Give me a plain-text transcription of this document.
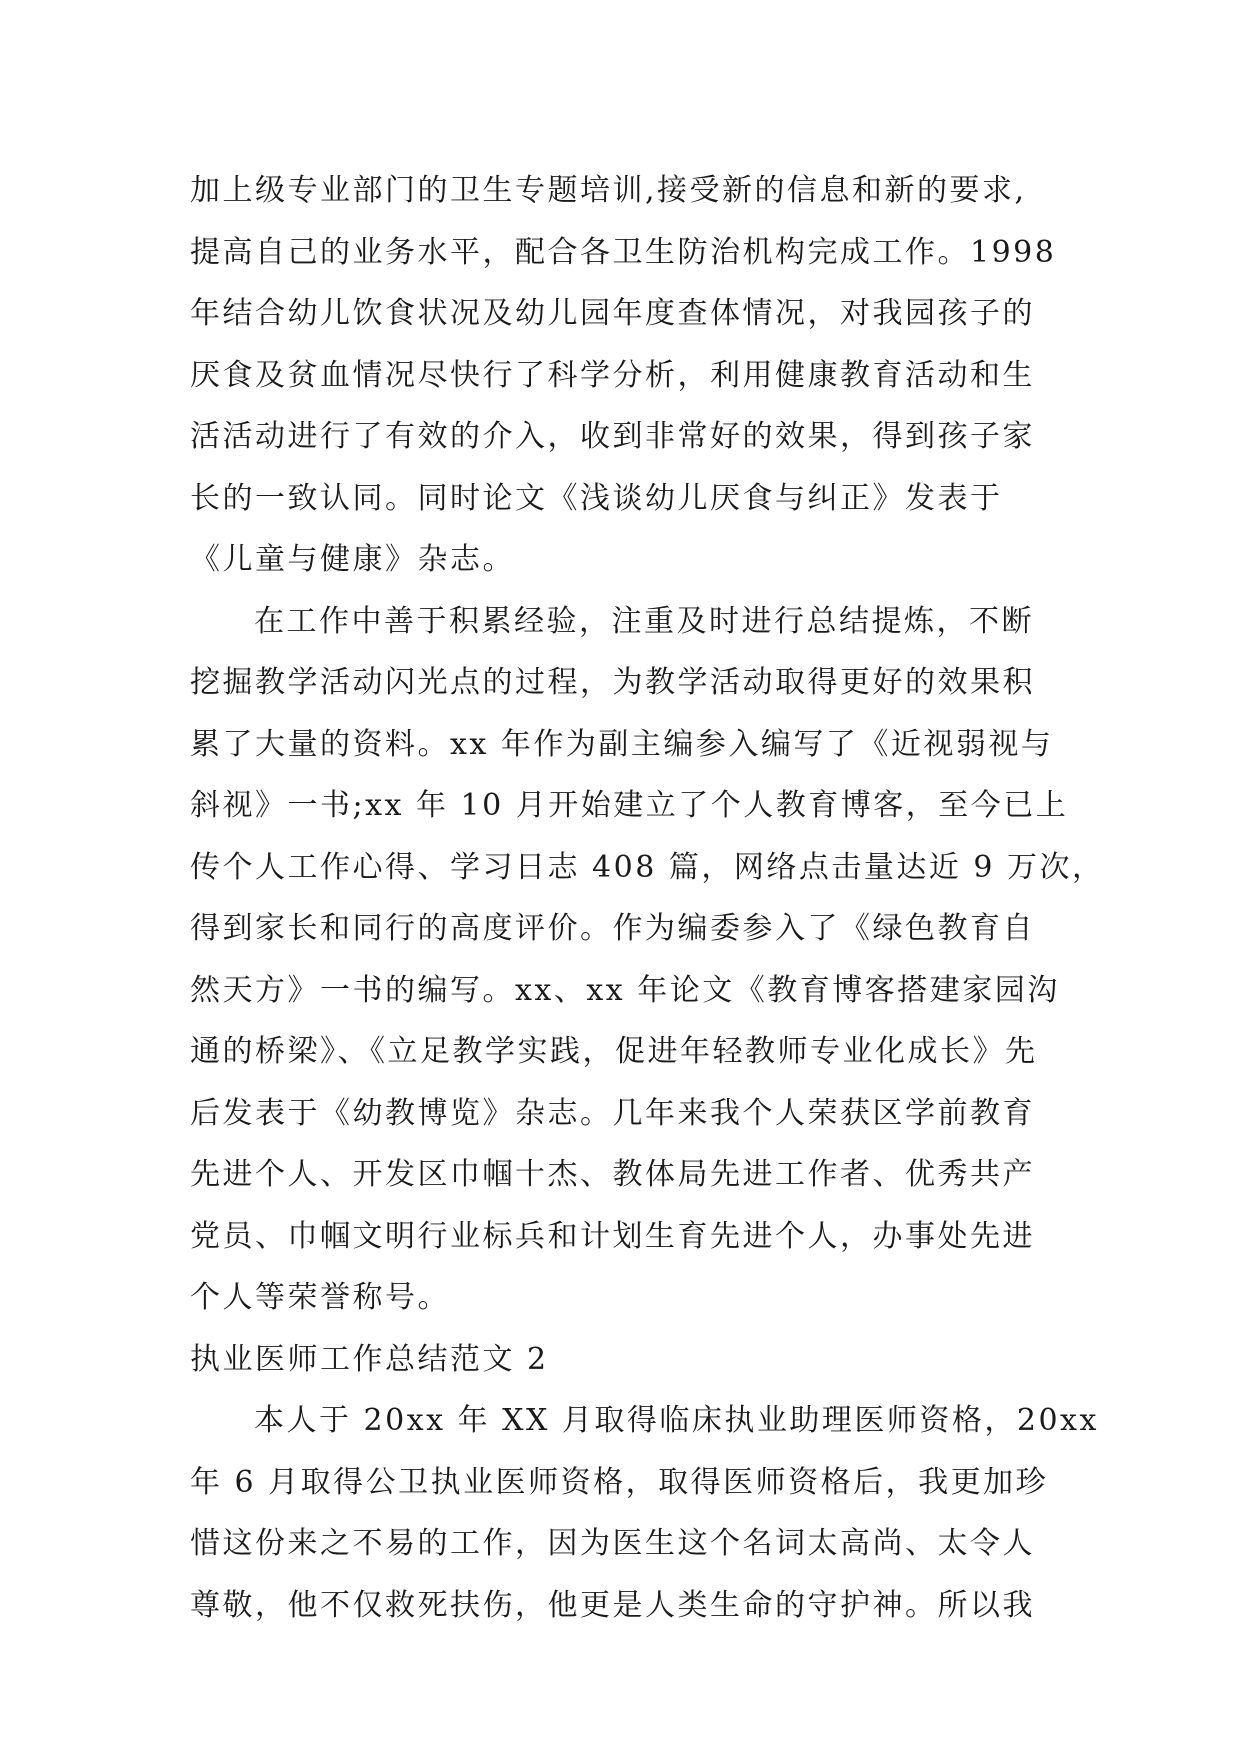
加上级专业部门的卫生专题培训,接受新的信息和新的要求,
提高自己的业务水平，配合各卫生防治机构完成工作。1998
年结合幼儿饮食状况及幼儿园年度查体情况，对我园孩子的
厌食及贫血情况尽快行了科学分析，利用健康教育活动和生
活活动进行了有效的介入，收到非常好的效果，得到孩子家
长的一致认同。同时论文《浅谈幼儿厌食与纠正》发表于
《儿童与健康》杂志。
在工作中善于积累经验，注重及时进行总结提炼，不断
挖掘教学活动闪光点的过程，为教学活动取得更好的效果积
累了大量的资料。xx 年作为副主编参入编写了《近视弱视与
斜视》一书;xx 年 10 月开始建立了个人教育博客，至今已上
传个人工作心得、学习日志 408 篇，网络点击量达近 9 万次，
得到家长和同行的高度评价。作为编委参入了《绿色教育自
然天方》一书的编写。xx、xx 年论文《教育博客搭建家园沟
通的桥梁》、《立足教学实践，促进年轻教师专业化成长》先
后发表于《幼教博览》杂志。几年来我个人荣获区学前教育
先进个人、开发区巾帼十杰、教体局先进工作者、优秀共产
党员、巾帼文明行业标兵和计划生育先进个人，办事处先进
个人等荣誉称号。
执业医师工作总结范文 2
本人于 20xx 年 XX 月取得临床执业助理医师资格，20xx
年 6 月取得公卫执业医师资格，取得医师资格后，我更加珍
惜这份来之不易的工作，因为医生这个名词太高尚、太令人
尊敬，他不仅救死扶伤，他更是人类生命的守护神。所以我
